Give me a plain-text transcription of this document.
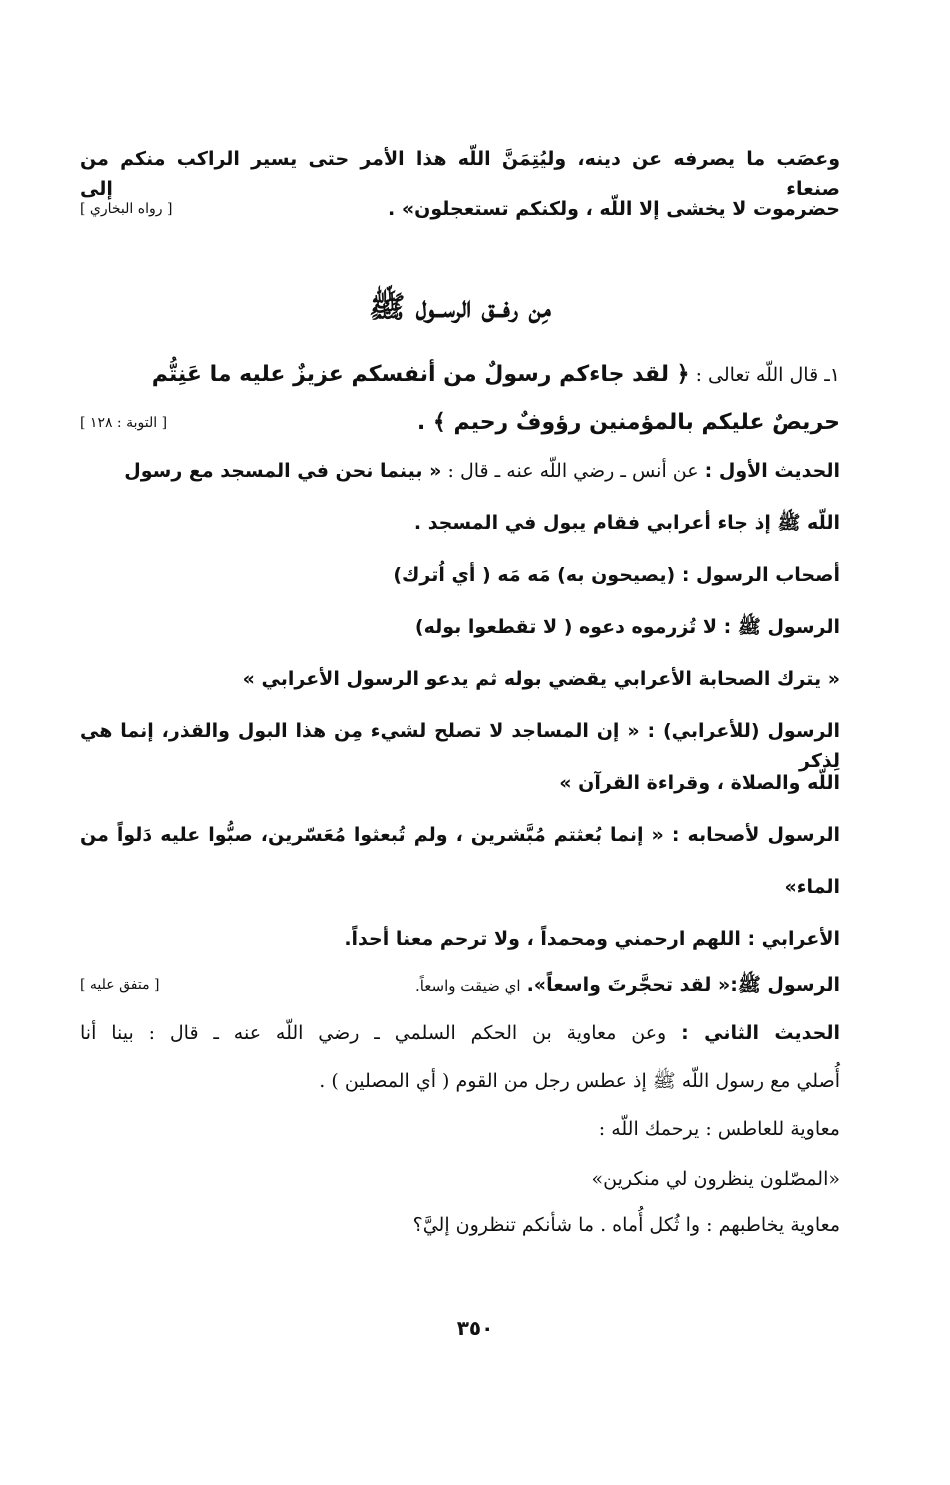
وعصَب ما يصرفه عن دينه، وليُتِمَنَّ اللّه هذا الأمر حتى يسير الراكب منكم من صنعاء إلى
حضرموت لا يخشى إلا اللّه ، ولكنكم تستعجلون» .
[ رواه البخاري ]
مِن رفــق الرســول ﷺ
١ـ قال اللّه تعالى : ﴿ لقد جاءكم رسولٌ من أنفسكم عزيزٌ عليه ما عَنِتُّم
حريصٌ عليكم بالمؤمنين رؤوفٌ رحيم ﴾ .
[ التوبة : ١٢٨ ]
الحديث الأول : عن أنس ـ رضي اللّه عنه ـ قال : « بينما نحن في المسجد مع رسول
اللّه ﷺ إذ جاء أعرابي فقام يبول في المسجد .
أصحاب الرسول : (يصيحون به) مَه مَه ( أي اُترك)
الرسول ﷺ : لا تُزرموه دعوه ( لا تقطعوا بوله)
« يترك الصحابة الأعرابي يقضي بوله ثم يدعو الرسول الأعرابي »
الرسول (للأعرابي) : « إن المساجد لا تصلح لشيء مِن هذا البول والقذر، إنما هي لِذكر
اللّه والصلاة ، وقراءة القرآن »
الرسول لأصحابه : « إنما بُعثتم مُبَّشرين ، ولم تُبعثوا مُعَسّرين، صبُّوا عليه دَلواً من
الماء»
الأعرابي : اللهم ارحمني ومحمداً ، ولا ترحم معنا أحداً.
الرسول ﷺ:« لقد تحجَّرتَ واسعاً». اي ضيقت واسعاً.
[ متفق عليه ]
الحديث الثاني : وعن معاوية بن الحكم السلمي ـ رضي اللّه عنه ـ قال : بينا أنا
أُصلي مع رسول اللّه ﷺ إذ عطس رجل من القوم ( أي المصلين ) .
معاوية للعاطس : يرحمك اللّه :
«المصّلون ينظرون لي منكرين»
معاوية يخاطبهم : وا ثُكل أُماه . ما شأنكم تنظرون إليَّ؟
٣٥٠
